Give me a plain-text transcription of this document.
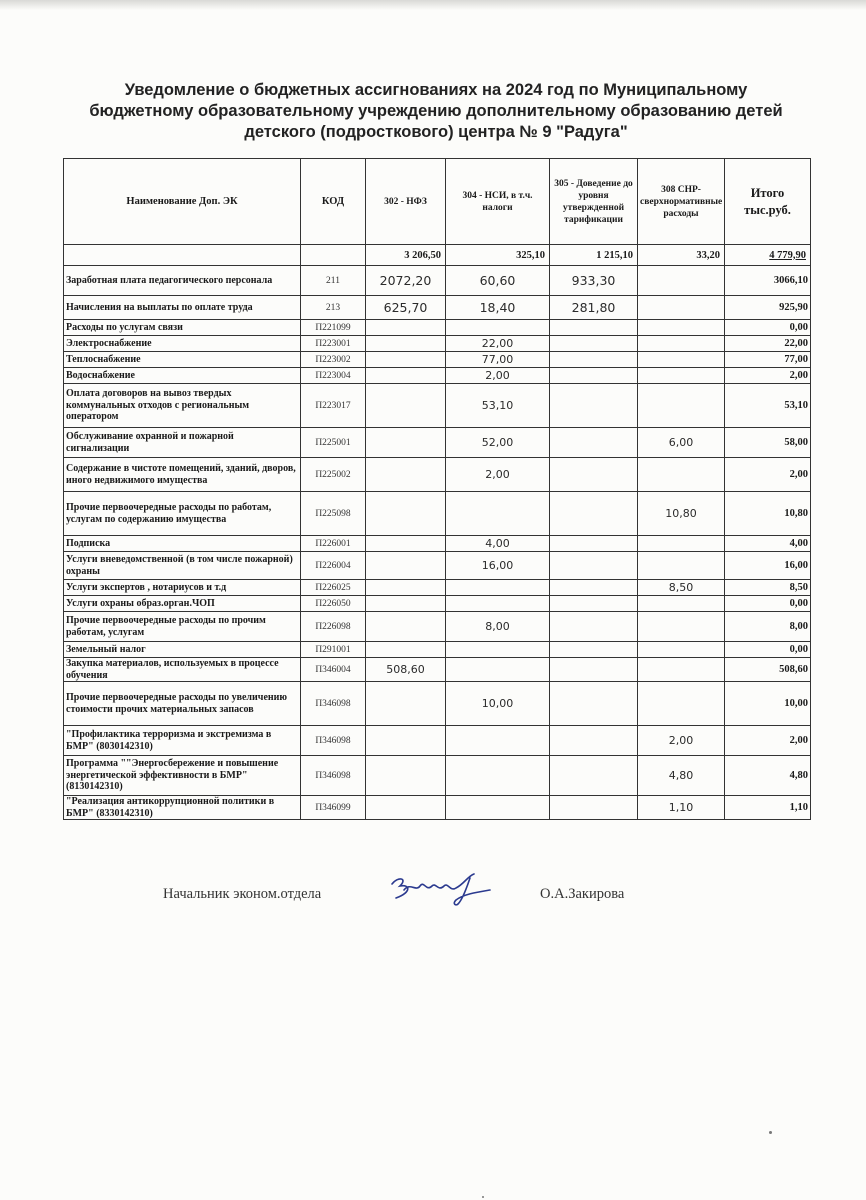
Уведомление о бюджетных ассигнованиях на 2024 год по Муниципальному
бюджетному образовательному учреждению дополнительному образованию детей
детского (подросткового) центра № 9 "Радуга"
Наименование Доп. ЭК	КОД	302 - НФЗ	304 - НСИ, в т.ч. налоги	305 - Доведение до уровня утвержденной тарификации	308 СНР-сверхнормативные расходы	Итого тыс.руб.
		3 206,50	325,10	1 215,10	33,20	4 779,90
Заработная плата педагогического персонала	211	2072,20	60,60	933,30		3066,10
Начисления на выплаты по оплате труда	213	625,70	18,40	281,80		925,90
Расходы по услугам связи	П221099					0,00
Электроснабжение	П223001		22,00			22,00
Теплоснабжение	П223002		77,00			77,00
Водоснабжение	П223004		2,00			2,00
Оплата договоров на вывоз твердых коммунальных отходов с региональным оператором	П223017		53,10			53,10
Обслуживание охранной и пожарной сигнализации	П225001		52,00		6,00	58,00
Содержание в чистоте помещений, зданий, дворов, иного недвижимого имущества	П225002		2,00			2,00
Прочие первоочередные расходы по работам, услугам по содержанию имущества	П225098				10,80	10,80
Подписка	П226001		4,00			4,00
Услуги вневедомственной (в том числе пожарной) охраны	П226004		16,00			16,00
Услуги экспертов , нотариусов и т.д	П226025				8,50	8,50
Услуги охраны образ.орган.ЧОП	П226050					0,00
Прочие первоочередные расходы по прочим работам, услугам	П226098		8,00			8,00
Земельный налог	П291001					0,00
Закупка материалов, используемых в процессе обучения	П346004	508,60				508,60
Прочие первоочередные расходы по увеличению стоимости прочих материальных запасов	П346098		10,00			10,00
"Профилактика терроризма и экстремизма в БМР" (8030142310)	П346098				2,00	2,00
Программа ""Энергосбережение и повышение энергетической эффективности в БМР" (8130142310)	П346098				4,80	4,80
"Реализация антикоррупционной политики в БМР" (8330142310)	П346099				1,10	1,10
Начальник эконом.отдела	О.А.Закирова
